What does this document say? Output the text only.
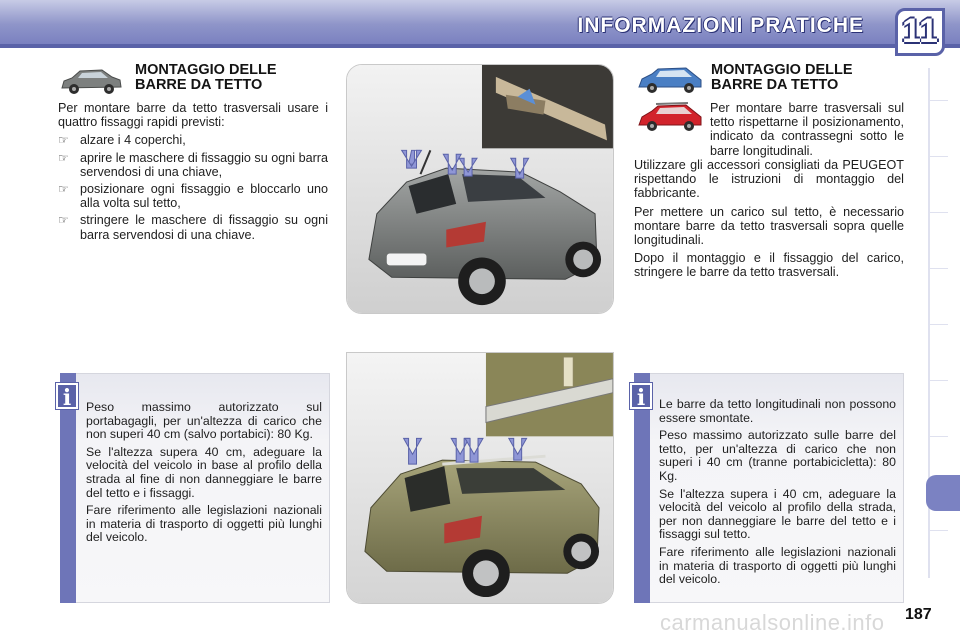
INFORMAZIONI PRATICHE 11
MONTAGGIO DELLE
BARRE DA TETTO

Per montare barre da tetto trasversali usare i quattro fissaggi rapidi previsti:

☞ alzare i 4 coperchi,
☞ aprire le maschere di fissaggio su ogni barra servendosi di una chiave,
☞ posizionare ogni fissaggio e bloccarlo uno alla volta sul tetto,
☞ stringere le maschere di fissaggio su ogni barra servendosi di una chiave.
MONTAGGIO DELLE
BARRE DA TETTO

Per montare barre trasversali sul tetto rispettarne il posizionamento, indicato da contrassegni sotto le barre longitudinali.

Utilizzare gli accessori consigliati da PEUGEOT rispettando le istruzioni di montaggio del fabbricante.

Per mettere un carico sul tetto, è necessario montare barre da tetto trasversali sopra quelle longitudinali.

Dopo il montaggio e il fissaggio del carico, stringere le barre da tetto trasversali.

i	Peso massimo autorizzato sul portabagagli, per un'altezza di carico che non superi 40 cm (salvo portabici): 80 Kg.

Se l'altezza supera 40 cm, adeguare la velocità del veicolo in base al profilo della strada al fine di non danneggiare le barre del tetto e i fissaggi.

Fare riferimento alle legislazioni nazionali in materia di trasporto di oggetti più lunghi del veicolo.

i	Le barre da tetto longitudinali non possono essere smontate.

Peso massimo autorizzato sulle barre del tetto, per un'altezza di carico che non superi i 40 cm (tranne portabicicletta): 80 Kg.

Se l'altezza supera i 40 cm, adeguare la velocità del veicolo al profilo della strada, per non danneggiare le barre del tetto e i fissaggi sul tetto.

Fare riferimento alle legislazioni nazionali in materia di trasporto di oggetti più lunghi del veicolo.

carmanualsonline.info 187
